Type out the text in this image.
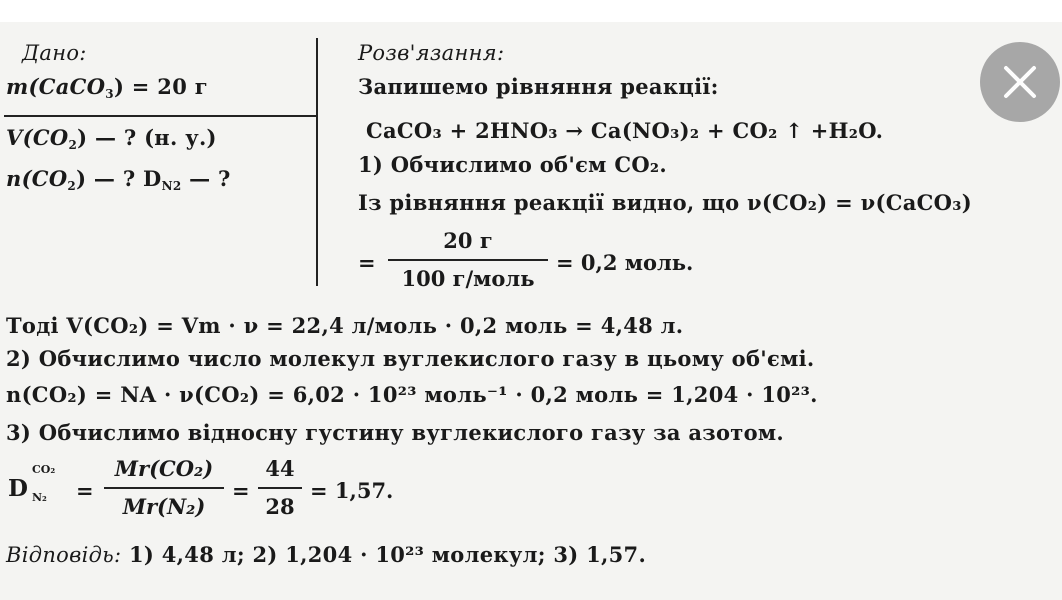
Дано:
m(CaCO$_3$) = 20 г
$V(CO_2)$ — ? (н. у.)
$n(CO_2)$ — ? $D_{N2}$ — ?
Розв'язання:
Запишемо рівняння реакції:
CaCO₃ + 2HNO₃ → Ca(NO₃)₂ + CO₂ ↑ +H₂O.
1) Обчислимо об'єм CO₂.
Із рівняння реакції видно, що ν(CO₂) = ν(CaCO₃)
=
20 г
100 г/моль
= 0,2 моль.
Тоді V(CO₂) = Vm · ν = 22,4 л/моль · 0,2 моль = 4,48 л.
2) Обчислимо число молекул вуглекислого газу в цьому об'ємі.
n(CO₂) = NA · ν(CO₂) = 6,02 · 10²³ моль⁻¹ · 0,2 моль = 1,204 · 10²³.
3) Обчислимо відносну густину вуглекислого газу за азотом.
D
CO₂
N₂ =
Mr(CO₂)
Mr(N₂)
=
44
28
= 1,57.
Відповідь: 1) 4,48 л; 2) 1,204 · 10²³ молекул; 3) 1,57.
